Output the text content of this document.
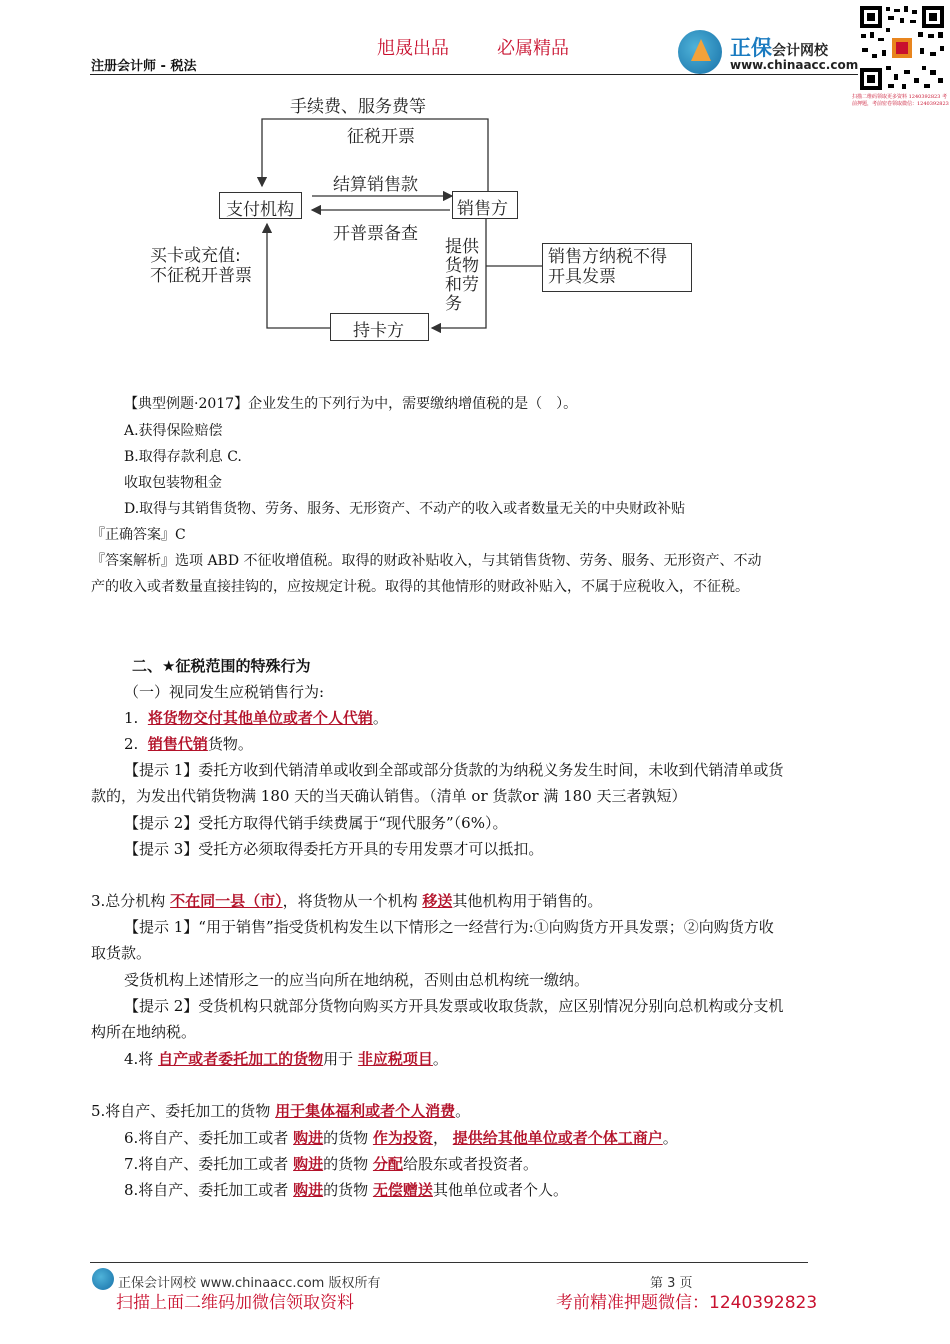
旭晟出品	必属精品
注册会计师 - 税法
正保会计网校
www.chinaacc.com
扫描二维码领取更多资料 1240392823 考前押题，考前密卷领取微信：1240392823
手续费、服务费等
征税开票
结算销售款
支付机构	销售方
开普票备查
买卡或充值:
不征税开普票
提供
货物
和劳
务
销售方纳税不得
开具发票
持卡方
【典型例题·2017】企业发生的下列行为中，需要缴纳增值税的是（　）。
A.获得保险赔偿
B.取得存款利息 C.
收取包装物租金
D.取得与其销售货物、劳务、服务、无形资产、不动产的收入或者数量无关的中央财政补贴
『正确答案』C
『答案解析』选项 ABD 不征收增值税。取得的财政补贴收入，与其销售货物、劳务、服务、无形资产、不动
产的收入或者数量直接挂钩的，应按规定计税。取得的其他情形的财政补贴入，不属于应税收入，不征税。
二、★征税范围的特殊行为
（一）视同发生应税销售行为:
1. 将货物交付其他单位或者个人代销。
2. 销售代销货物。
【提示 1】委托方收到代销清单或收到全部或部分货款的为纳税义务发生时间，未收到代销清单或货
款的，为发出代销货物满 180 天的当天确认销售。（清单 or 货款or 满 180 天三者孰短）
【提示 2】受托方取得代销手续费属于“现代服务”（6%）。
【提示 3】受托方必须取得委托方开具的专用发票才可以抵扣。
3.总分机构 不在同一县（市），将货物从一个机构 移送其他机构用于销售的。
【提示 1】“用于销售”指受货机构发生以下情形之一经营行为:①向购货方开具发票；②向购货方收
取货款。
受货机构上述情形之一的应当向所在地纳税，否则由总机构统一缴纳。
【提示 2】受货机构只就部分货物向购买方开具发票或收取货款，应区别情况分别向总机构或分支机
构所在地纳税。
4.将 自产或者委托加工的货物用于 非应税项目。
5.将自产、委托加工的货物 用于集体福利或者个人消费。
6.将自产、委托加工或者 购进的货物 作为投资， 提供给其他单位或者个体工商户。
7.将自产、委托加工或者 购进的货物 分配给股东或者投资者。
8.将自产、委托加工或者 购进的货物 无偿赠送其他单位或者个人。
正保会计网校 www.chinaacc.com 版权所有	第 3 页
扫描上面二维码加微信领取资料	考前精准押题微信：1240392823
